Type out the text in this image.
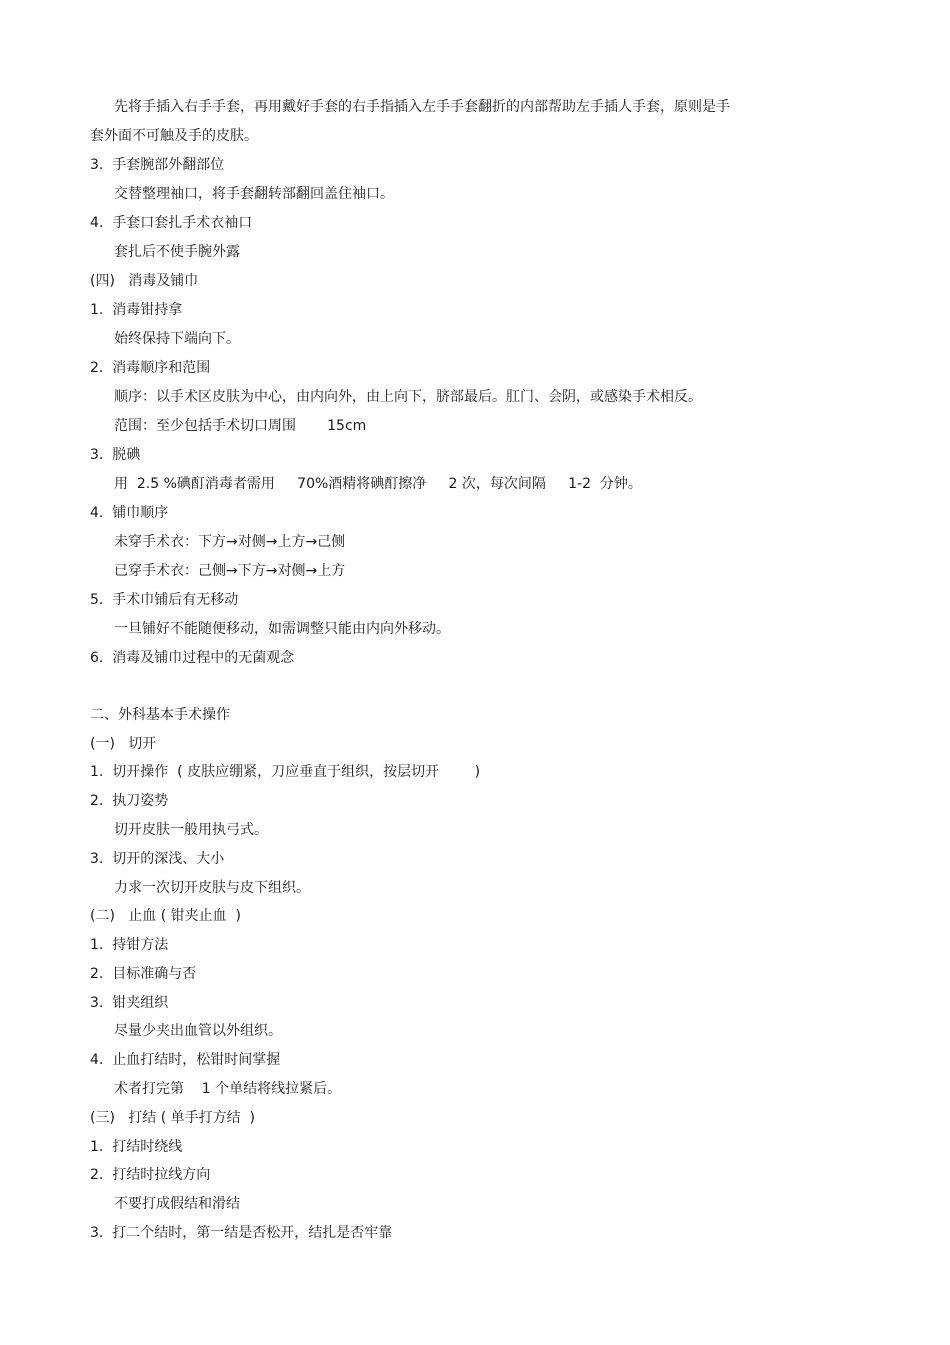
先将手插入右手手套，再用戴好手套的右手指插入左手手套翻折的内部帮助左手插人手套，原则是手
套外面不可触及手的皮肤。
3.  手套腕部外翻部位
交替整理袖口，将手套翻转部翻回盖住袖口。
4.  手套口套扎手术衣袖口
套扎后不使手腕外露
(四)   消毒及铺巾
1.  消毒钳持拿
始终保持下端向下。
2.  消毒顺序和范围
顺序：以手术区皮肤为中心，由内向外，由上向下，脐部最后。肛门、会阴，或感染手术相反。
范围：至少包括手术切口周围       15cm
3.  脱碘
用  2.5 %碘酊消毒者需用     70%酒精将碘酊擦净     2 次，每次间隔     1-2  分钟。
4.  铺巾顺序
未穿手术衣：下方→对侧→上方→己侧
已穿手术衣：己侧→下方→对侧→上方
5.  手术巾铺后有无移动
一旦铺好不能随便移动，如需调整只能由内向外移动。
6.  消毒及铺巾过程中的无菌观念
二、外科基本手术操作
(一)   切开
1.  切开操作  ( 皮肤应绷紧，刀应垂直于组织，按层切开        )
2.  执刀姿势
切开皮肤一般用执弓式。
3.  切开的深浅、大小
力求一次切开皮肤与皮下组织。
(二)   止血 ( 钳夹止血  )
1.  持钳方法
2.  目标准确与否
3.  钳夹组织
尽量少夹出血管以外组织。
4.  止血打结时，松钳时间掌握
术者打完第    1 个单结将线拉紧后。
(三)   打结 ( 单手打方结  )
1.  打结时绕线
2.  打结时拉线方向
不要打成假结和滑结
3.  打二个结时，第一结是否松开，结扎是否牢靠
